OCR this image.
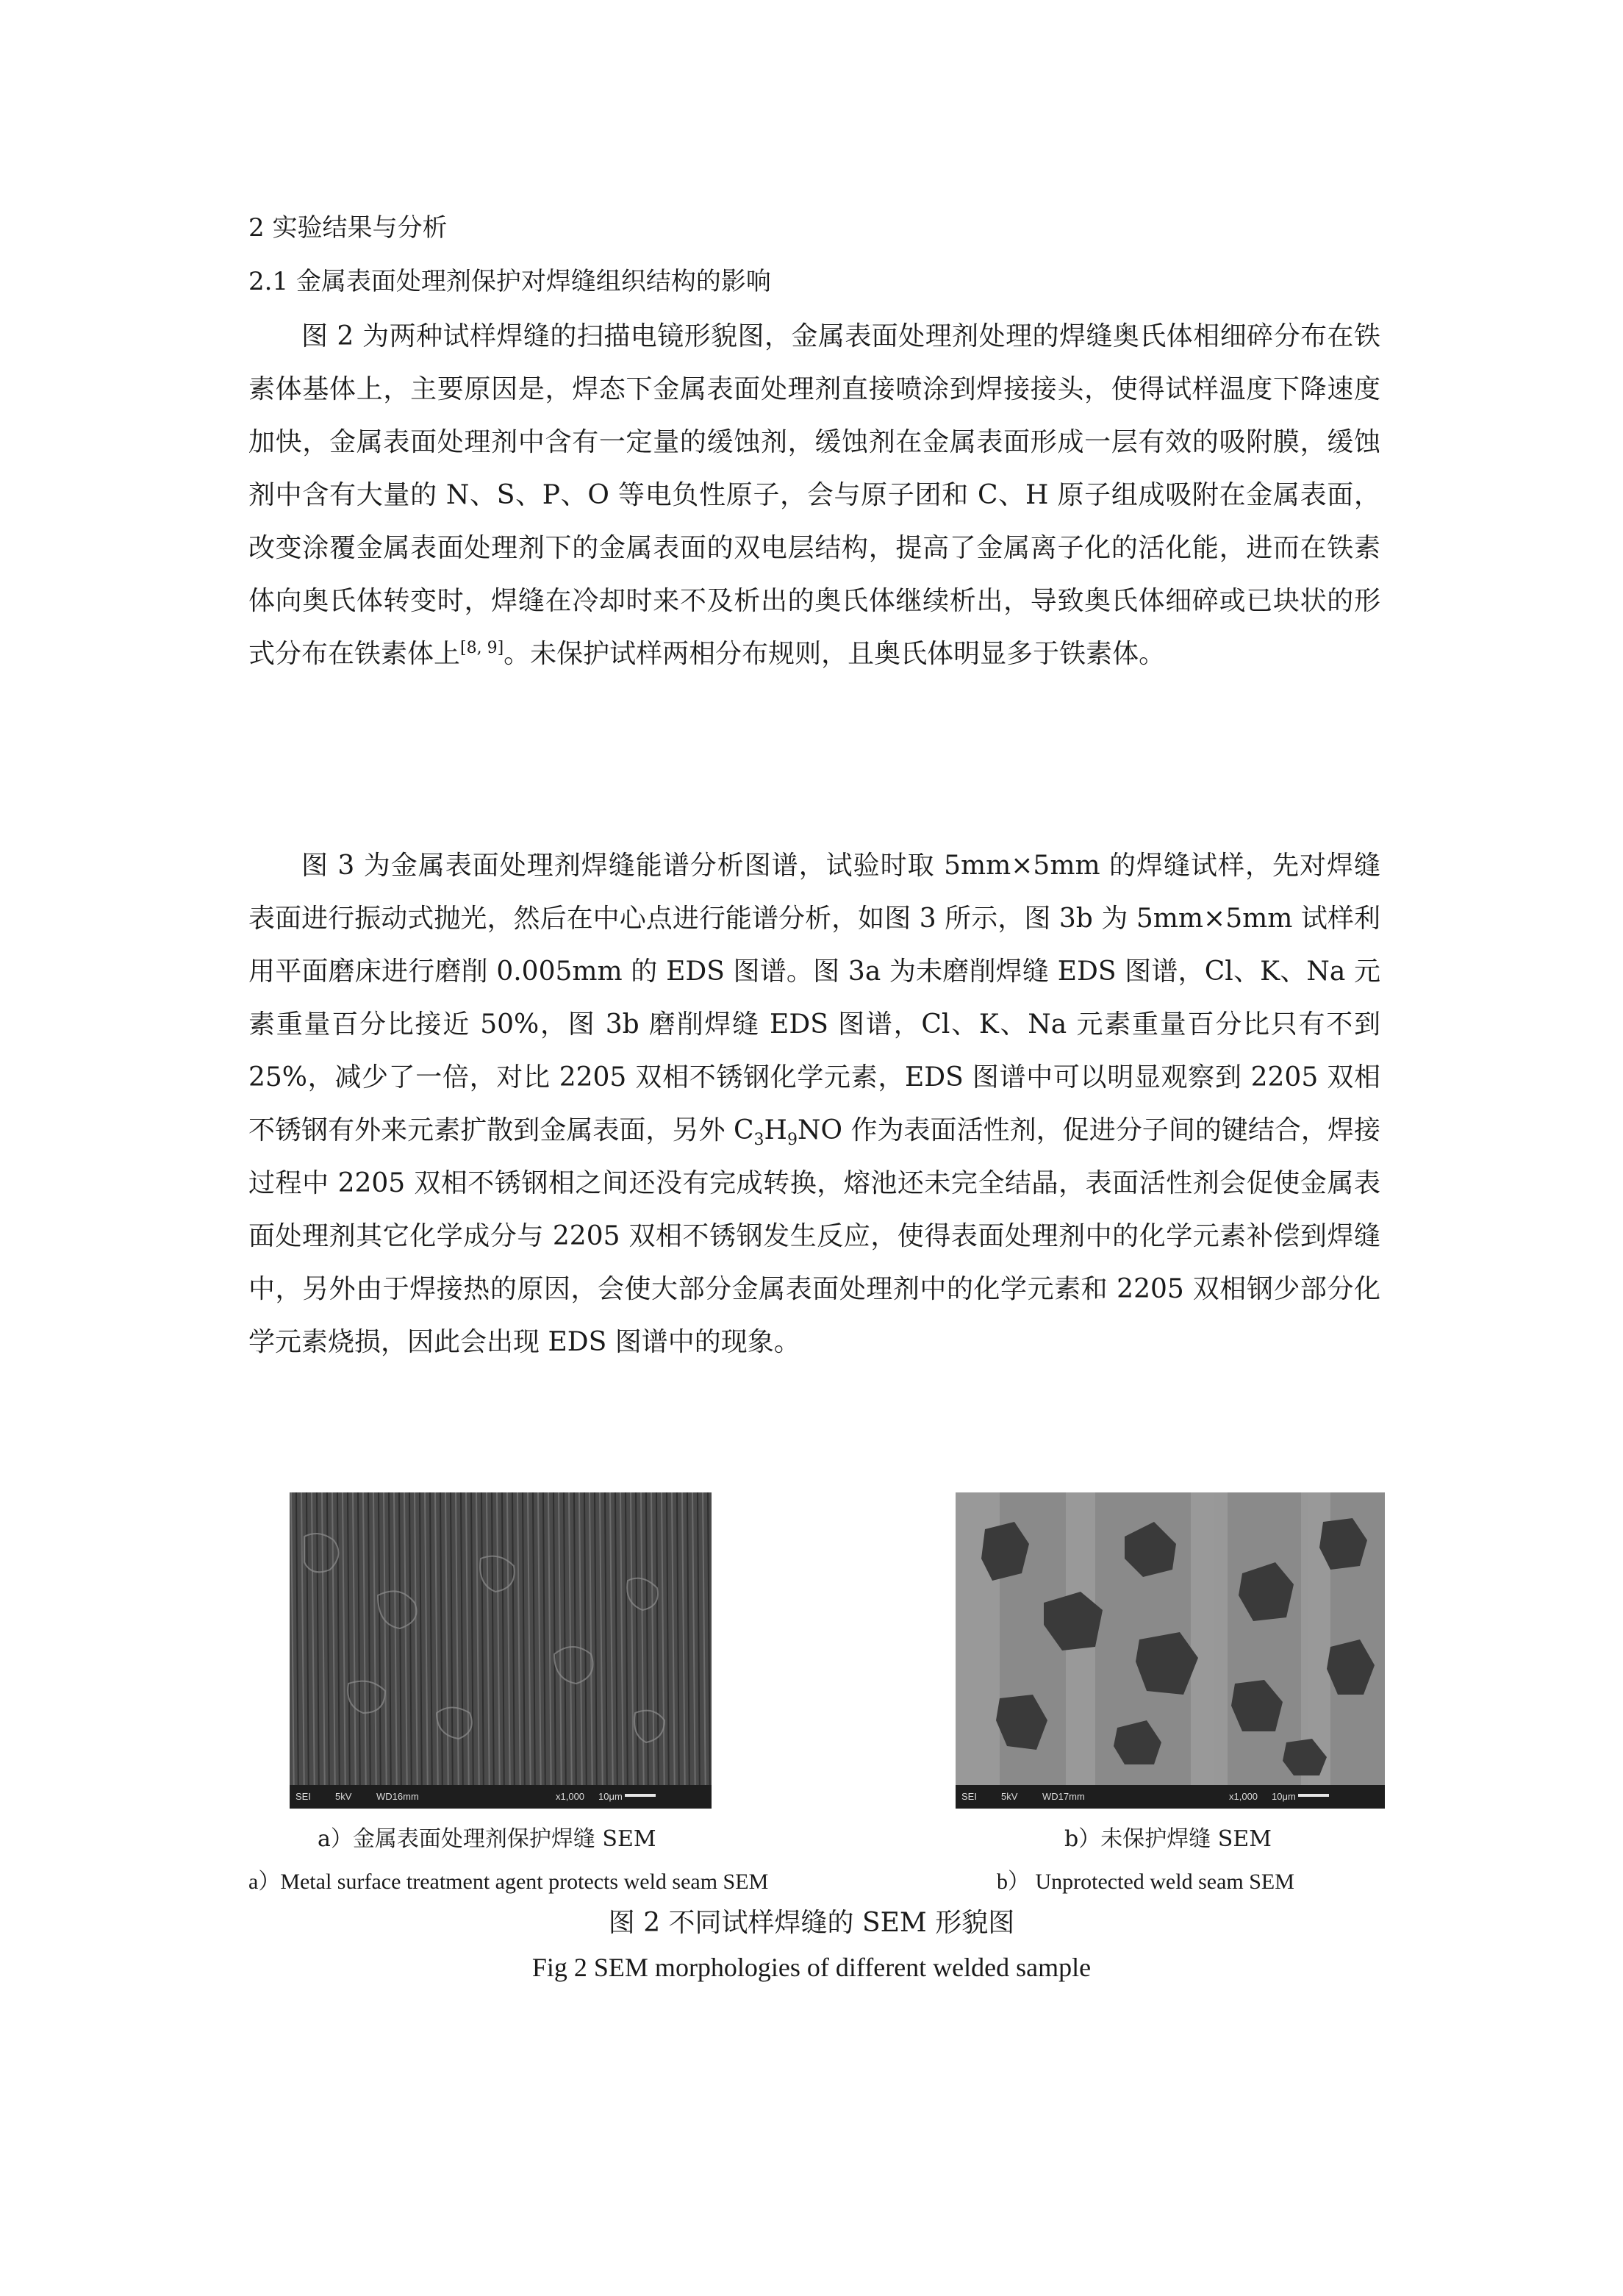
2 实验结果与分析
2.1 金属表面处理剂保护对焊缝组织结构的影响

图 2 为两种试样焊缝的扫描电镜形貌图，金属表面处理剂处理的焊缝奥氏体相细碎分布在铁素体基体上，主要原因是，焊态下金属表面处理剂直接喷涂到焊接接头，使得试样温度下降速度加快，金属表面处理剂中含有一定量的缓蚀剂，缓蚀剂在金属表面形成一层有效的吸附膜，缓蚀剂中含有大量的 N、S、P、O 等电负性原子，会与原子团和 C、H 原子组成吸附在金属表面，改变涂覆金属表面处理剂下的金属表面的双电层结构，提高了金属离子化的活化能，进而在铁素体向奥氏体转变时，焊缝在冷却时来不及析出的奥氏体继续析出，导致奥氏体细碎或已块状的形式分布在铁素体上[8, 9]。未保护试样两相分布规则，且奥氏体明显多于铁素体。

图 3 为金属表面处理剂焊缝能谱分析图谱，试验时取 5mm×5mm 的焊缝试样，先对焊缝表面进行振动式抛光，然后在中心点进行能谱分析，如图 3 所示，图 3b 为 5mm×5mm 试样利用平面磨床进行磨削 0.005mm 的 EDS 图谱。图 3a 为未磨削焊缝 EDS 图谱，Cl、K、Na 元素重量百分比接近 50%，图 3b 磨削焊缝 EDS 图谱，Cl、K、Na 元素重量百分比只有不到 25%，减少了一倍，对比 2205 双相不锈钢化学元素，EDS 图谱中可以明显观察到 2205 双相不锈钢有外来元素扩散到金属表面，另外 $C_3H_9NO$ 作为表面活性剂，促进分子间的键结合，焊接过程中 2205 双相不锈钢相之间还没有完成转换，熔池还未完全结晶，表面活性剂会促使金属表面处理剂其它化学成分与 2205 双相不锈钢发生反应，使得表面处理剂中的化学元素补偿到焊缝中，另外由于焊接热的原因，会使大部分金属表面处理剂中的化学元素和 2205 双相钢少部分化学元素烧损，因此会出现 EDS 图谱中的现象。

SEI	5kV	WD16mm	x1,000 10μm	SEI	5kV	WD17mm	x1,000 10μm
a）金属表面处理剂保护焊缝 SEM	b）未保护焊缝 SEM
a）Metal surface treatment agent protects weld seam SEM	b） Unprotected weld seam SEM
图 2 不同试样焊缝的 SEM 形貌图
Fig 2 SEM morphologies of different welded sample
